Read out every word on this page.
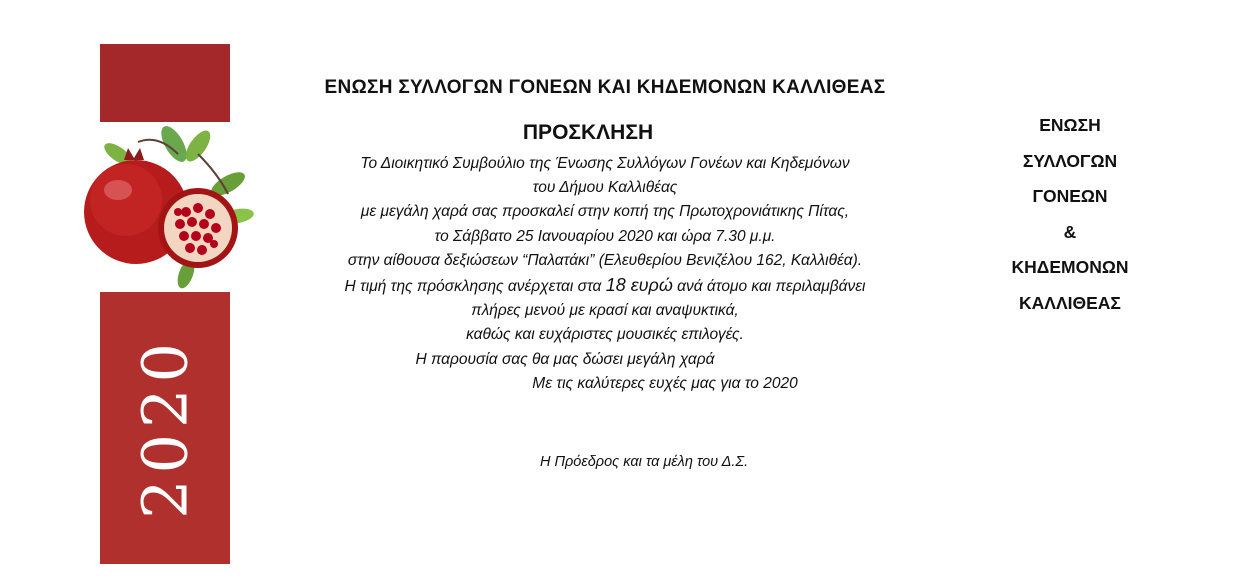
2020
ΕΝΩΣΗ ΣΥΛΛΟΓΩΝ ΓΟΝΕΩΝ ΚΑΙ ΚΗΔΕΜΟΝΩΝ ΚΑΛΛΙΘΕΑΣ
ΠΡΟΣΚΛΗΣΗ
Το Διοικητικό Συμβούλιο της Ένωσης Συλλόγων Γονέων και Κηδεμόνων
του Δήμου Καλλιθέας
με μεγάλη χαρά σας προσκαλεί στην κοπή της Πρωτοχρονιάτικης Πίτας,
το Σάββατο 25 Ιανουαρίου 2020 και ώρα 7.30 μ.μ.
στην αίθουσα δεξιώσεων “Παλατάκι” (Ελευθερίου Βενιζέλου 162, Καλλιθέα).
Η τιμή της πρόσκλησης ανέρχεται στα 18 ευρώ ανά άτομο και περιλαμβάνει
πλήρες μενού με κρασί και αναψυκτικά,
καθώς και ευχάριστες μουσικές επιλογές.
Η παρουσία σας θα μας δώσει μεγάλη χαρά
Με τις καλύτερες ευχές μας για το 2020
Η Πρόεδρος και τα μέλη του Δ.Σ.
ΕΝΩΣΗ
ΣΥΛΛΟΓΩΝ
ΓΟΝΕΩΝ
&
ΚΗΔΕΜΟΝΩΝ
ΚΑΛΛΙΘΕΑΣ
